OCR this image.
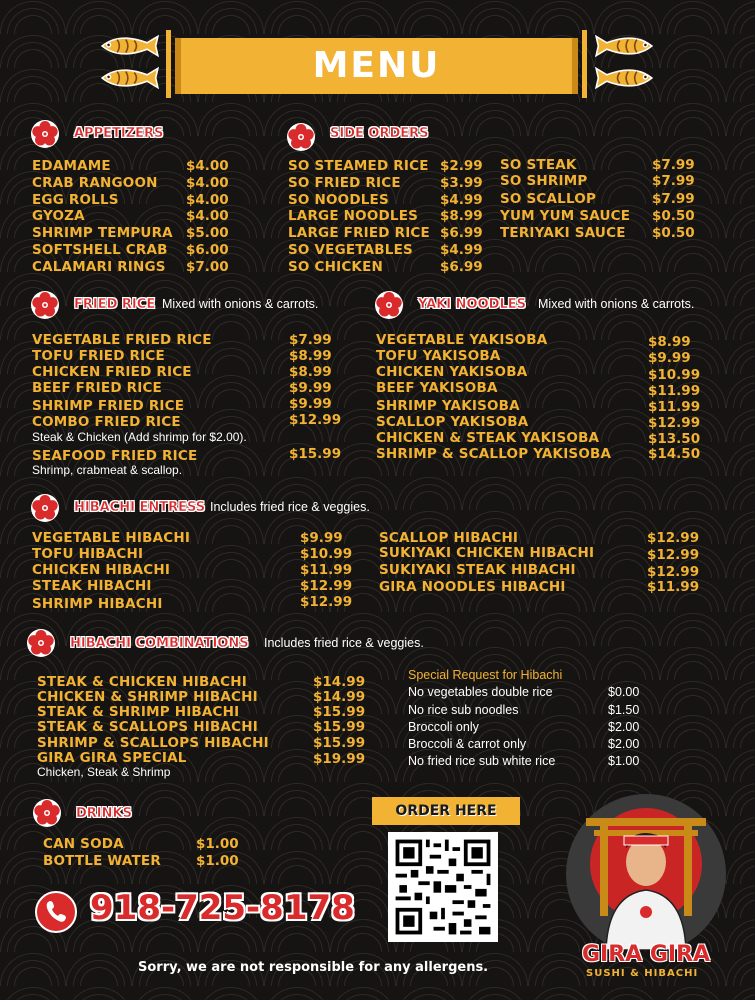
MENU
APPETIZERS
EDAMAME	$4.00
CRAB RANGOON $4.00
EGG ROLLS	$4.00
GYOZA	$4.00
SHRIMP TEMPURA $5.00
SOFTSHELL CRAB $6.00
CALAMARI RINGS $7.00
SIDE ORDERS
SO STEAMED RICE $2.99
SO FRIED RICE	$3.99
SO NOODLES	$4.99
LARGE NOODLES $8.99
LARGE FRIED RICE $6.99
SO VEGETABLES $4.99
SO CHICKEN	$6.99
SO STEAK	$7.99
SO SHRIMP	$7.99
SO SCALLOP	$7.99
YUM YUM SAUCE $0.50
TERIYAKI SAUCE $0.50
FRIED RICE Mixed with onions & carrots.
VEGETABLE FRIED RICE	$7.99
TOFU FRIED RICE	$8.99
CHICKEN FRIED RICE	$8.99
BEEF FRIED RICE	$9.99
SHRIMP FRIED RICE	$9.99
COMBO FRIED RICE	$12.99
Steak & Chicken (Add shrimp for $2.00).
SEAFOOD FRIED RICE	$15.99
Shrimp, crabmeat & scallop.
YAKI NOODLES Mixed with onions & carrots.
VEGETABLE YAKISOBA	$8.99
TOFU YAKISOBA	$9.99
CHICKEN YAKISOBA	$10.99
BEEF YAKISOBA	$11.99
SHRIMP YAKISOBA	$11.99
SCALLOP YAKISOBA	$12.99
CHICKEN & STEAK YAKISOBA	$13.50
SHRIMP & SCALLOP YAKISOBA	$14.50
HIBACHI ENTRESS Includes fried rice & veggies.
VEGETABLE HIBACHI	$9.99
TOFU HIBACHI	$10.99
CHICKEN HIBACHI	$11.99
STEAK HIBACHI	$12.99
SHRIMP HIBACHI	$12.99
SCALLOP HIBACHI	$12.99
SUKIYAKI CHICKEN HIBACHI	$12.99
SUKIYAKI STEAK HIBACHI	$12.99
GIRA NOODLES HIBACHI	$11.99
HIBACHI COMBINATIONS Includes fried rice & veggies.
STEAK & CHICKEN HIBACHI	$14.99
CHICKEN & SHRIMP HIBACHI	$14.99
STEAK & SHRIMP HIBACHI	$15.99
STEAK & SCALLOPS HIBACHI	$15.99
SHRIMP & SCALLOPS HIBACHI	$15.99
GIRA GIRA SPECIAL	$19.99
Chicken, Steak & Shrimp
Special Request for Hibachi
No vegetables double rice	$0.00
No rice sub noodles	$1.50
Broccoli only	$2.00
Broccoli & carrot only	$2.00
No fried rice sub white rice	$1.00
DRINKS
CAN SODA	$1.00
BOTTLE WATER	$1.00
918-725-8178
ORDER HERE
GIRA GIRA
SUSHI & HIBACHI
Sorry, we are not responsible for any allergens.
